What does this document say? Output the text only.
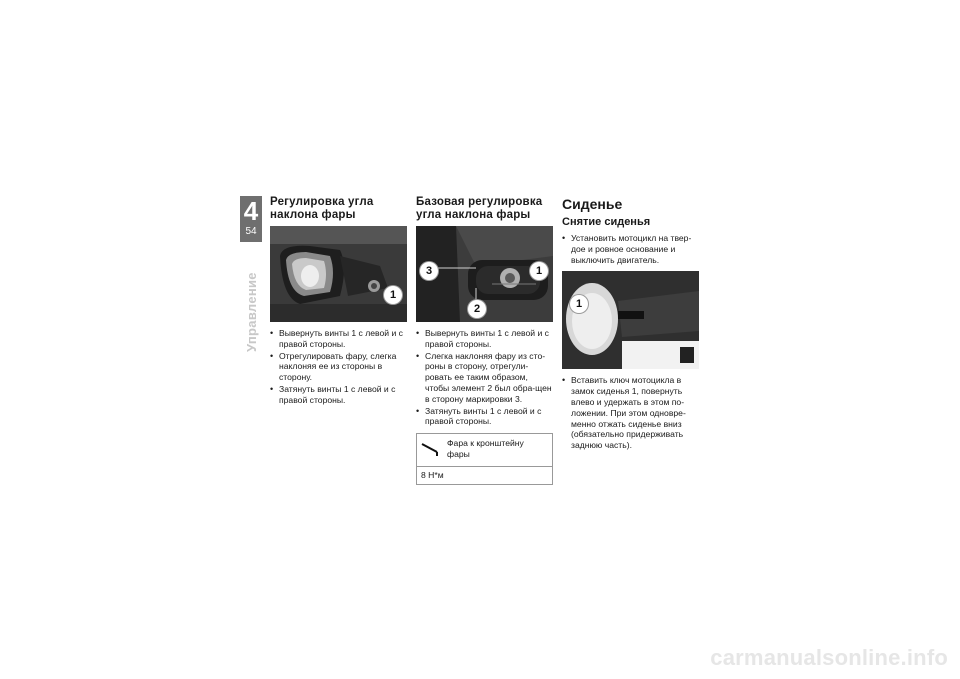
4
54
Управление
Регулировка угла наклона фары
1
• Вывернуть винты 1 с левой и с правой стороны.
• Отрегулировать фару, слегка наклоняя ее из стороны в сторону.
• Затянуть винты 1 с левой и с правой стороны.
Базовая регулировка угла наклона фары
3	1
2
• Вывернуть винты 1 с левой и с правой стороны.
• Слегка наклоняя фару из сто-роны в сторону, отрегули-ровать ее таким образом, чтобы элемент 2 был обра-щен в сторону маркировки 3.
• Затянуть винты 1 с левой и с правой стороны.
Фара к кронштейну фары
8 Н*м
Сиденье
Снятие сиденья
• Установить мотоцикл на твер-дое и ровное основание и выключить двигатель.
1
• Вставить ключ мотоцикла в замок сиденья 1, повернуть влево и удержать в этом по-ложении. При этом одновре-менно отжать сиденье вниз (обязательно придерживать заднюю часть).
carmanualsonline.info
